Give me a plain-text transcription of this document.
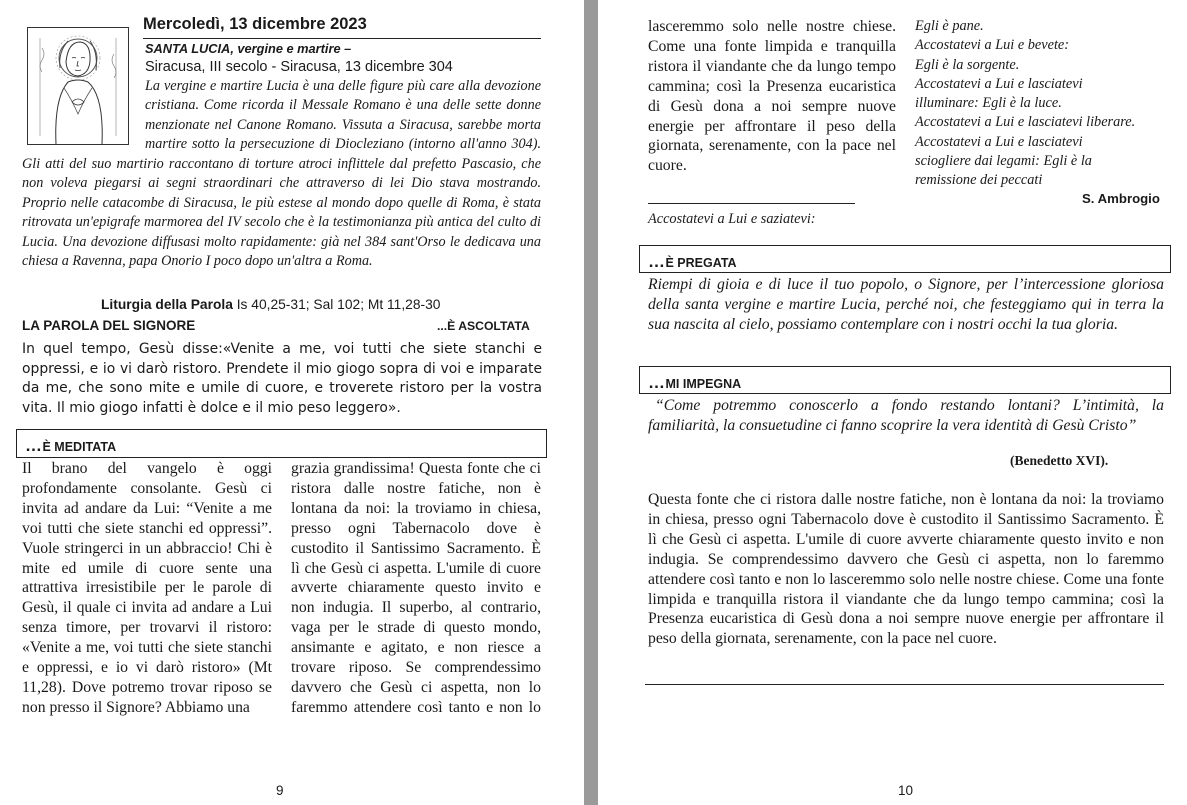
Mercoledì, 13 dicembre 2023
SANTA LUCIA, vergine e martire –
Siracusa, III secolo - Siracusa, 13 dicembre 304
La vergine e martire Lucia è una delle figure più care alla devozione cristiana. Come ricorda il Messale Romano è una delle sette donne menzionate nel Canone Romano. Vissuta a Siracusa, sarebbe morta martire sotto la persecuzione di Diocleziano (intorno all'anno 304). Gli atti del suo martirio raccontano di torture atroci inflittele dal prefetto Pascasio, che non voleva piegarsi ai segni straordinari che attraverso di lei Dio stava mostrando. Proprio nelle catacombe di Siracusa, le più estese al mondo dopo quelle di Roma, è stata ritrovata un'epigrafe marmorea del IV secolo che è la testimonianza più antica del culto di Lucia. Una devozione diffusasi molto rapidamente: già nel 384 sant'Orso le dedicava una chiesa a Ravenna, papa Onorio I poco dopo un'altra a Roma.
Liturgia della Parola Is 40,25-31; Sal 102; Mt 11,28-30
LA PAROLA DEL SIGNORE	...È ASCOLTATA
In quel tempo, Gesù disse:«Venite a me, voi tutti che siete stanchi e oppressi, e io vi darò ristoro. Prendete il mio giogo sopra di voi e imparate da me, che sono mite e umile di cuore, e troverete ristoro per la vostra vita. Il mio giogo infatti è dolce e il mio peso leggero».
…È MEDITATA
Il brano del vangelo è oggi profondamente consolante. Gesù ci invita ad andare da Lui: “Venite a me voi tutti che siete stanchi ed oppressi”. Vuole stringerci in un abbraccio! Chi è mite ed umile di cuore sente una attrattiva irresistibile per le parole di Gesù, il quale ci invita ad andare a Lui senza timore, per trovarvi il ristoro: «Venite a me, voi tutti che siete stanchi e oppressi, e io vi darò ristoro» (Mt 11,28). Dove potremo trovar riposo se non presso il Signore? Abbiamo una
grazia grandissima! Questa fonte che ci ristora dalle nostre fatiche, non è lontana da noi: la troviamo in chiesa, presso ogni Tabernacolo dove è custodito il Santissimo Sacramento. È lì che Gesù ci aspetta. L'umile di cuore avverte chiaramente questo invito e non indugia. Il superbo, al contrario, vaga per le strade di questo mondo, ansimante e agitato, e non riesce a trovare riposo. Se comprendessimo davvero che Gesù ci aspetta, non lo faremmo attendere così tanto e non lo
9
lasceremmo solo nelle nostre chiese. Come una fonte limpida e tranquilla ristora il viandante che da lungo tempo cammina; così la Presenza eucaristica di Gesù dona a noi sempre nuove energie per affrontare il peso della giornata, serenamente, con la pace nel cuore.
Egli è pane.
Accostatevi a Lui e bevete:
Egli è la sorgente.
Accostatevi a Lui e lasciatevi
illuminare: Egli è la luce.
Accostatevi a Lui e lasciatevi liberare.
Accostatevi a Lui e lasciatevi
sciogliere dai legami: Egli è la
remissione dei peccati
S. Ambrogio
Accostatevi a Lui e saziatevi:
…È PREGATA
Riempi di gioia e di luce il tuo popolo, o Signore, per l’intercessione gloriosa della santa vergine e martire Lucia, perché noi, che festeggiamo qui in terra la sua nascita al cielo, possiamo contemplare con i nostri occhi la tua gloria.
…MI IMPEGNA
“Come potremmo conoscerlo a fondo restando lontani? L’intimità, la familiarità, la consuetudine ci fanno scoprire la vera identità di Gesù Cristo”
(Benedetto XVI).
Questa fonte che ci ristora dalle nostre fatiche, non è lontana da noi: la troviamo in chiesa, presso ogni Tabernacolo dove è custodito il Santissimo Sacramento. È lì che Gesù ci aspetta. L'umile di cuore avverte chiaramente questo invito e non indugia. Se comprendessimo davvero che Gesù ci aspetta, non lo faremmo attendere così tanto e non lo lasceremmo solo nelle nostre chiese. Come una fonte limpida e tranquilla ristora il viandante che da lungo tempo cammina; così la Presenza eucaristica di Gesù dona a noi sempre nuove energie per affrontare il peso della giornata, serenamente, con la pace nel cuore.
10
